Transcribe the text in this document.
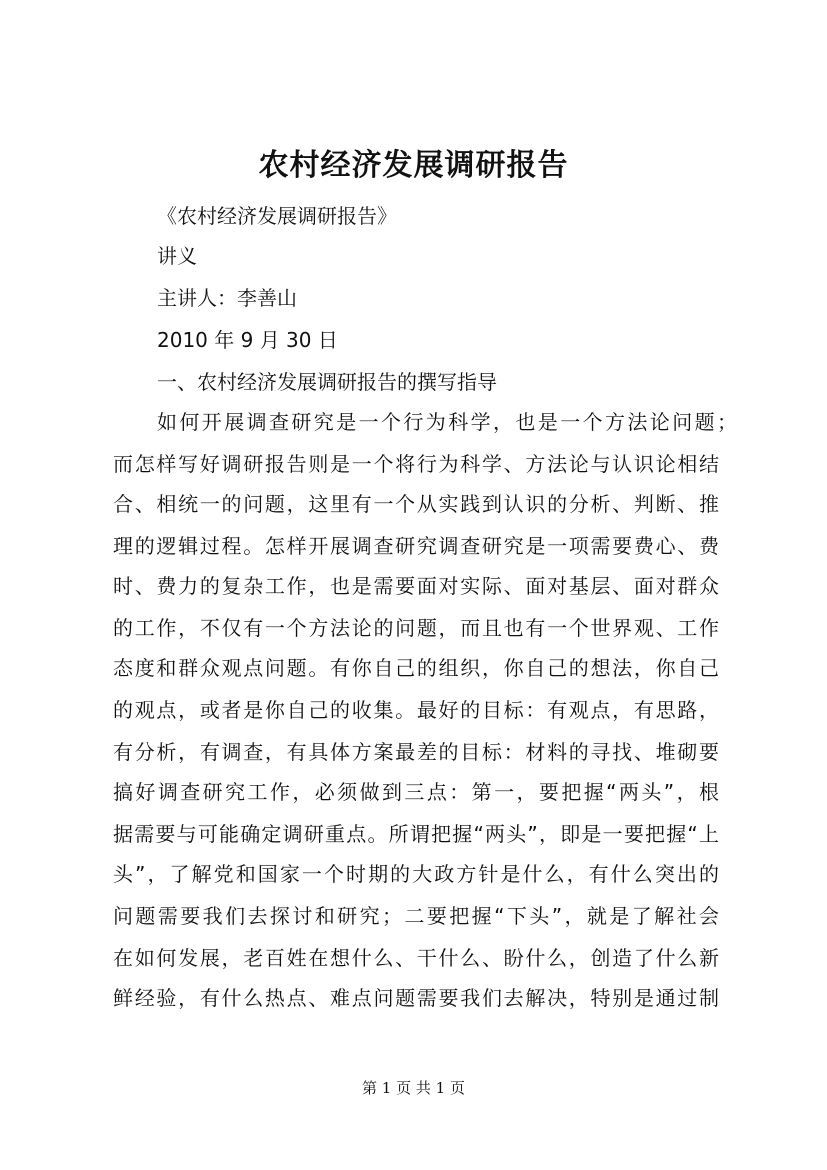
农村经济发展调研报告
《农村经济发展调研报告》
讲义
主讲人：李善山
2010 年 9 月 30 日
一、农村经济发展调研报告的撰写指导
如何开展调查研究是一个行为科学，也是一个方法论问题；
而怎样写好调研报告则是一个将行为科学、方法论与认识论相结
合、相统一的问题，这里有一个从实践到认识的分析、判断、推
理的逻辑过程。怎样开展调查研究调查研究是一项需要费心、费
时、费力的复杂工作，也是需要面对实际、面对基层、面对群众
的工作，不仅有一个方法论的问题，而且也有一个世界观、工作
态度和群众观点问题。有你自己的组织，你自己的想法，你自己
的观点，或者是你自己的收集。最好的目标：有观点，有思路，
有分析，有调查，有具体方案最差的目标：材料的寻找、堆砌要
搞好调查研究工作，必须做到三点：第一，要把握“两头”，根
据需要与可能确定调研重点。所谓把握“两头”，即是一要把握“上
头”，了解党和国家一个时期的大政方针是什么，有什么突出的
问题需要我们去探讨和研究；二要把握“下头”，就是了解社会
在如何发展，老百姓在想什么、干什么、盼什么，创造了什么新
鲜经验，有什么热点、难点问题需要我们去解决，特别是通过制
第 1 页 共 1 页
